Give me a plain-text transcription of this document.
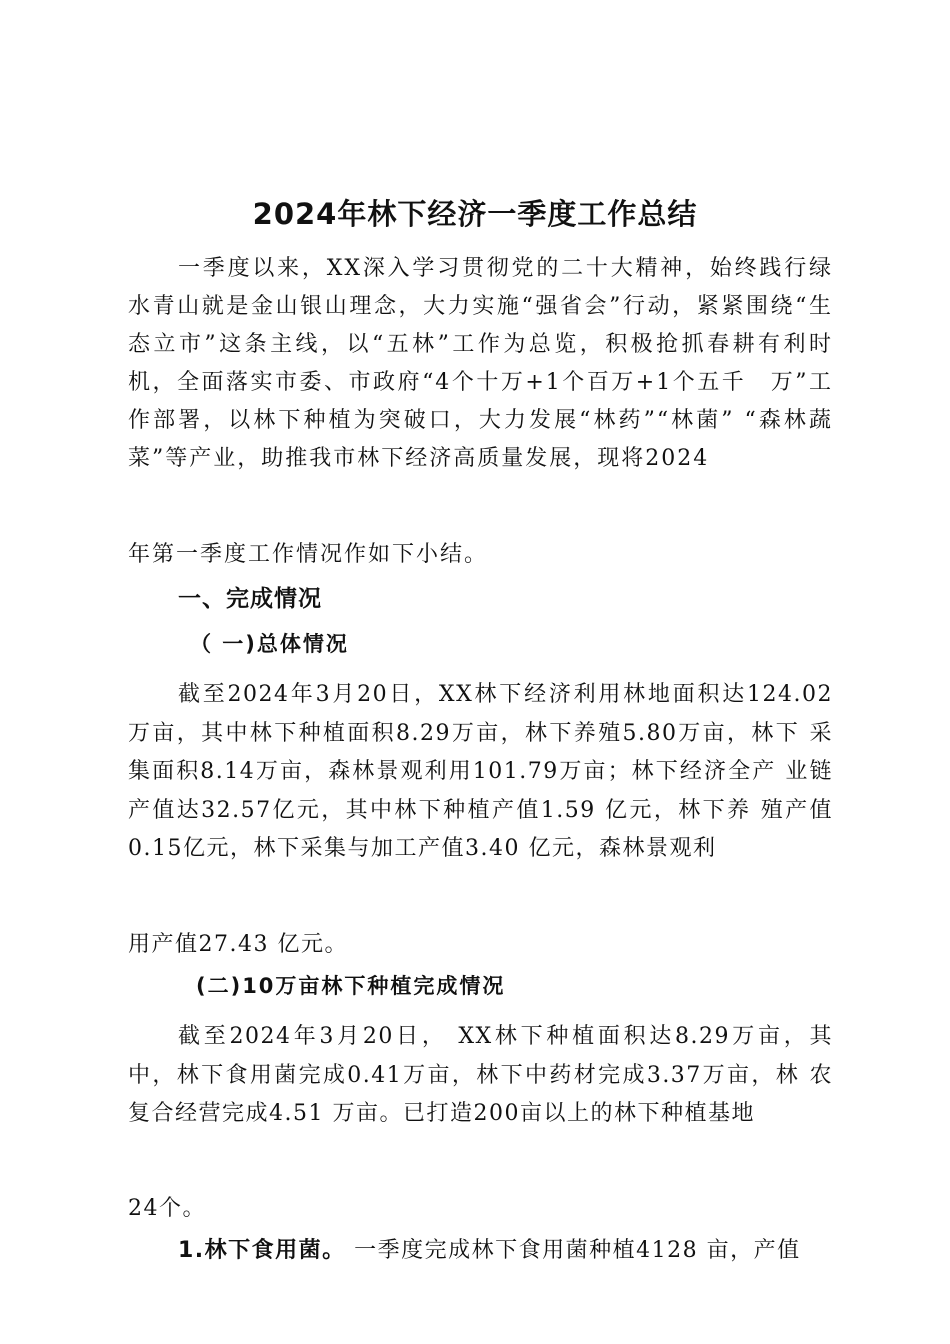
2024年林下经济一季度工作总结

一季度以来，XX深入学习贯彻党的二十大精神，始终践行绿水青山就是金山银山理念，大力实施“强省会”行动，紧紧围绕“生态立市”这条主线，以“五林”工作为总览，积极抢抓春耕有利时机，全面落实市委、市政府“4个十万+1个百万+1个五千　万”工作部署，以林下种植为突破口，大力发展“林药”“林菌” “森林蔬菜”等产业，助推我市林下经济高质量发展，现将2024

年第一季度工作情况作如下小结。

一、完成情况
（ 一)总体情况

截至2024年3月20日，XX林下经济利用林地面积达124.02 万亩，其中林下种植面积8.29万亩，林下养殖5.80万亩，林下 采集面积8.14万亩，森林景观利用101.79万亩；林下经济全产 业链产值达32.57亿元，其中林下种植产值1.59 亿元，林下养 殖产值0.15亿元，林下采集与加工产值3.40 亿元，森林景观利

用产值27.43 亿元。

(二)10万亩林下种植完成情况

截至2024年3月20日， XX林下种植面积达8.29万亩，其 中，林下食用菌完成0.41万亩，林下中药材完成3.37万亩，林 农复合经营完成4.51 万亩。已打造200亩以上的林下种植基地

24个。

1.林下食用菌。 一季度完成林下食用菌种植4128 亩，产值
